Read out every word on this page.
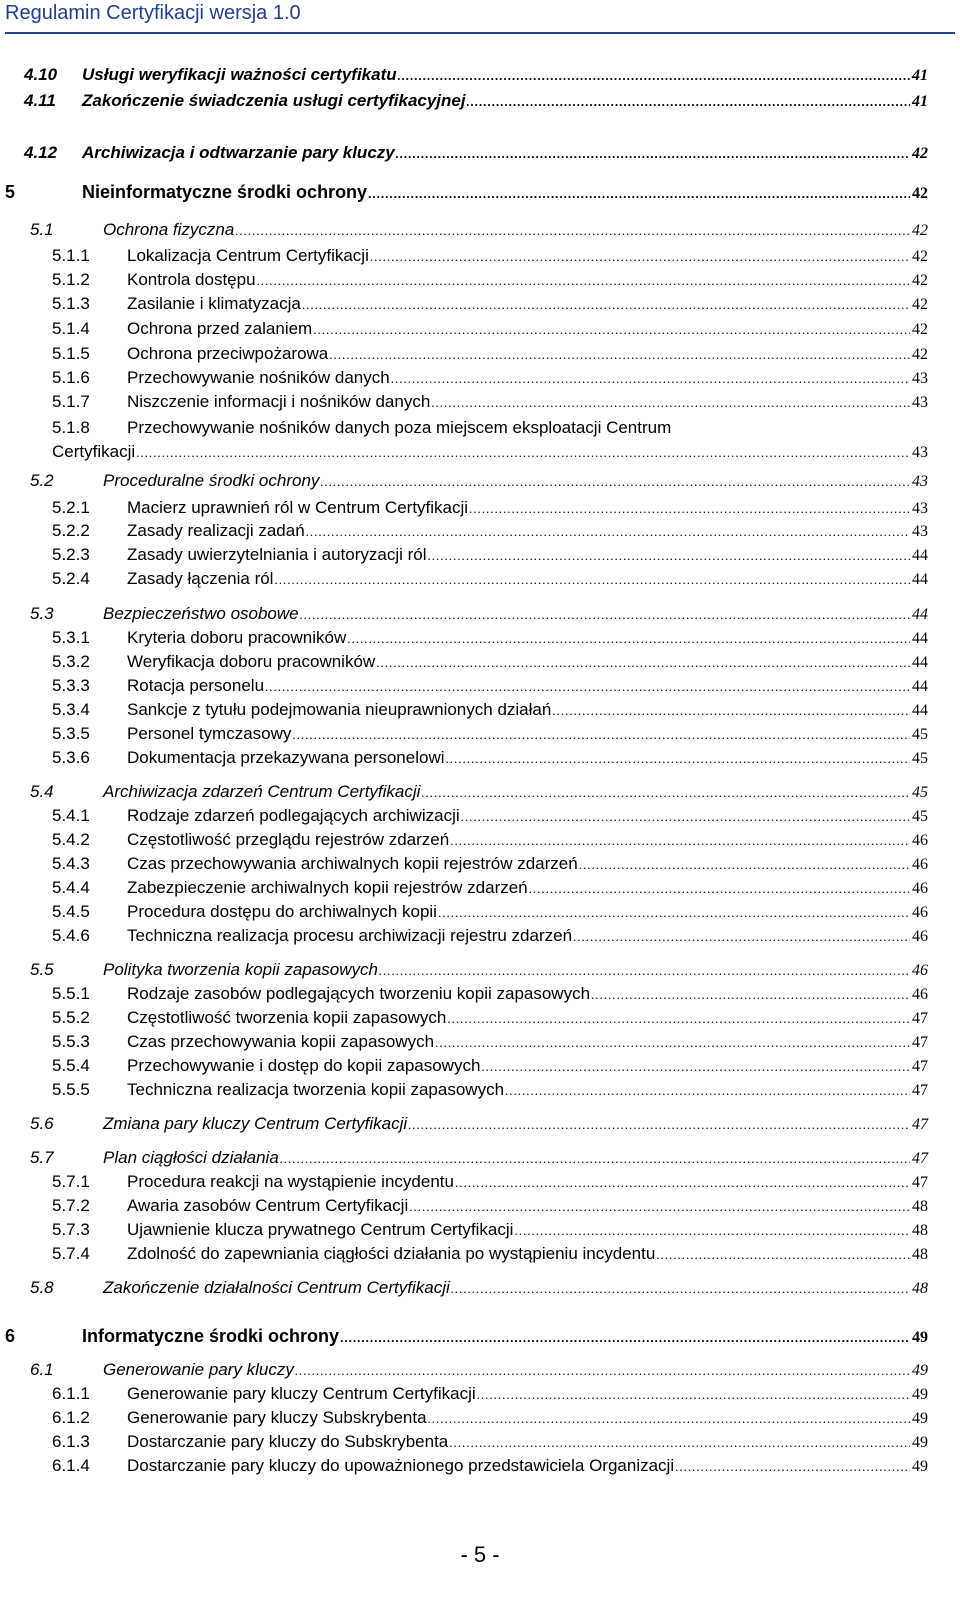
Regulamin Certyfikacji wersja 1.0
4.10 Usługi weryfikacji ważności certyfikatu .....	41
4.11 Zakończenie świadczenia usługi certyfikacyjnej .....	41
4.12 Archiwizacja i odtwarzanie pary kluczy .....	42
5	Nieinformatyczne środki ochrony .....	42
5.1	Ochrona fizyczna .....	42
5.1.1 Lokalizacja Centrum Certyfikacji .....	42
5.1.2 Kontrola dostępu .....	42
5.1.3 Zasilanie i klimatyzacja .....	42
5.1.4 Ochrona przed zalaniem .....	42
5.1.5 Ochrona przeciwpożarowa .....	42
5.1.6 Przechowywanie nośników danych .....	43
5.1.7 Niszczenie informacji i nośników danych .....	43
5.1.8 Przechowywanie nośników danych poza miejscem eksploatacji Centrum
Certyfikacji .....	43
5.2	Proceduralne środki ochrony .....	43
5.2.1 Macierz uprawnień ról w Centrum Certyfikacji .....	43
5.2.2 Zasady realizacji zadań .....	43
5.2.3 Zasady uwierzytelniania i autoryzacji ról .....	44
5.2.4 Zasady łączenia ról .....	44
5.3	Bezpieczeństwo osobowe .....	44
5.3.1 Kryteria doboru pracowników .....	44
5.3.2 Weryfikacja doboru pracowników .....	44
5.3.3 Rotacja personelu .....	44
5.3.4 Sankcje z tytułu podejmowania nieuprawnionych działań .....	44
5.3.5 Personel tymczasowy .....	45
5.3.6 Dokumentacja przekazywana personelowi .....	45
5.4	Archiwizacja zdarzeń Centrum Certyfikacji .....	45
5.4.1 Rodzaje zdarzeń podlegających archiwizacji .....	45
5.4.2 Częstotliwość przeglądu rejestrów zdarzeń .....	46
5.4.3 Czas przechowywania archiwalnych kopii rejestrów zdarzeń .....	46
5.4.4 Zabezpieczenie archiwalnych kopii rejestrów zdarzeń .....	46
5.4.5 Procedura dostępu do archiwalnych kopii .....	46
5.4.6 Techniczna realizacja procesu archiwizacji rejestru zdarzeń .....	46
5.5	Polityka tworzenia kopii zapasowych .....	46
5.5.1 Rodzaje zasobów podlegających tworzeniu kopii zapasowych .....	46
5.5.2 Częstotliwość tworzenia kopii zapasowych .....	47
5.5.3 Czas przechowywania kopii zapasowych .....	47
5.5.4 Przechowywanie i dostęp do kopii zapasowych .....	47
5.5.5 Techniczna realizacja tworzenia kopii zapasowych .....	47
5.6	Zmiana pary kluczy Centrum Certyfikacji .....	47
5.7	Plan ciągłości działania .....	47
5.7.1 Procedura reakcji na wystąpienie incydentu .....	47
5.7.2 Awaria zasobów Centrum Certyfikacji .....	48
5.7.3 Ujawnienie klucza prywatnego Centrum Certyfikacji .....	48
5.7.4 Zdolność do zapewniania ciągłości działania po wystąpieniu incydentu .....	48
5.8	Zakończenie działalności Centrum Certyfikacji .....	48
6	Informatyczne środki ochrony .....	49
6.1	Generowanie pary kluczy .....	49
6.1.1 Generowanie pary kluczy Centrum Certyfikacji .....	49
6.1.2 Generowanie pary kluczy Subskrybenta .....	49
6.1.3 Dostarczanie pary kluczy do Subskrybenta .....	49
6.1.4 Dostarczanie pary kluczy do upoważnionego przedstawiciela Organizacji .....	49
- 5 -
